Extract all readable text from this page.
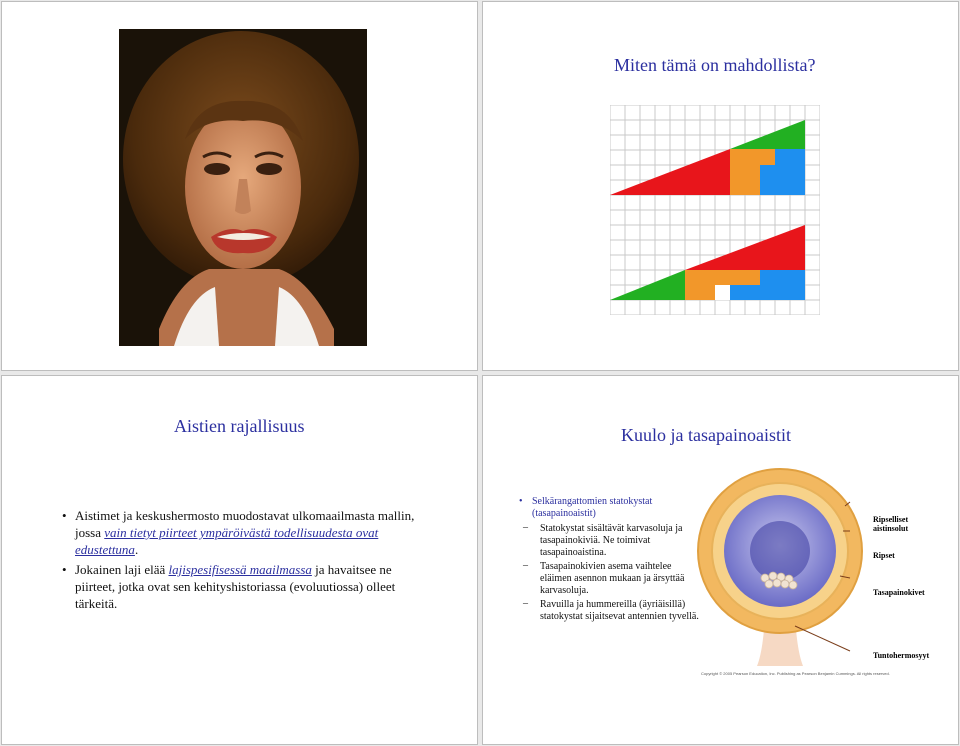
Miten tämä on mahdollista?
Aistien rajallisuus
• Aistimet ja keskushermosto muodostavat ulkomaailmasta mallin, jossa vain tietyt piirteet ympäröivästä todellisuudesta ovat edustettuna.
• Jokainen laji elää lajispesifisessä maailmassa ja havaitsee ne piirteet, jotka ovat sen kehityshistoriassa (evoluutiossa) olleet tärkeitä.
Kuulo ja tasapainoaistit
• Selkärangattomien statokystat (tasapainoaistit)
– Statokystat sisältävät karvasoluja ja tasapainokiviä. Ne toimivat tasapainoaistina.
– Tasapainokivien asema vaihtelee eläimen asennon mukaan ja ärsyttää karvasoluja.
– Ravuilla ja hummereilla (äyriäisillä) statokystat sijaitsevat antennien tyvellä.
Ripselliset aistinsolut
Ripset
Tasapainokivet
Tuntohermosyyt
Copyright © 2005 Pearson Education, Inc. Publishing as Pearson Benjamin Cummings. All rights reserved.
